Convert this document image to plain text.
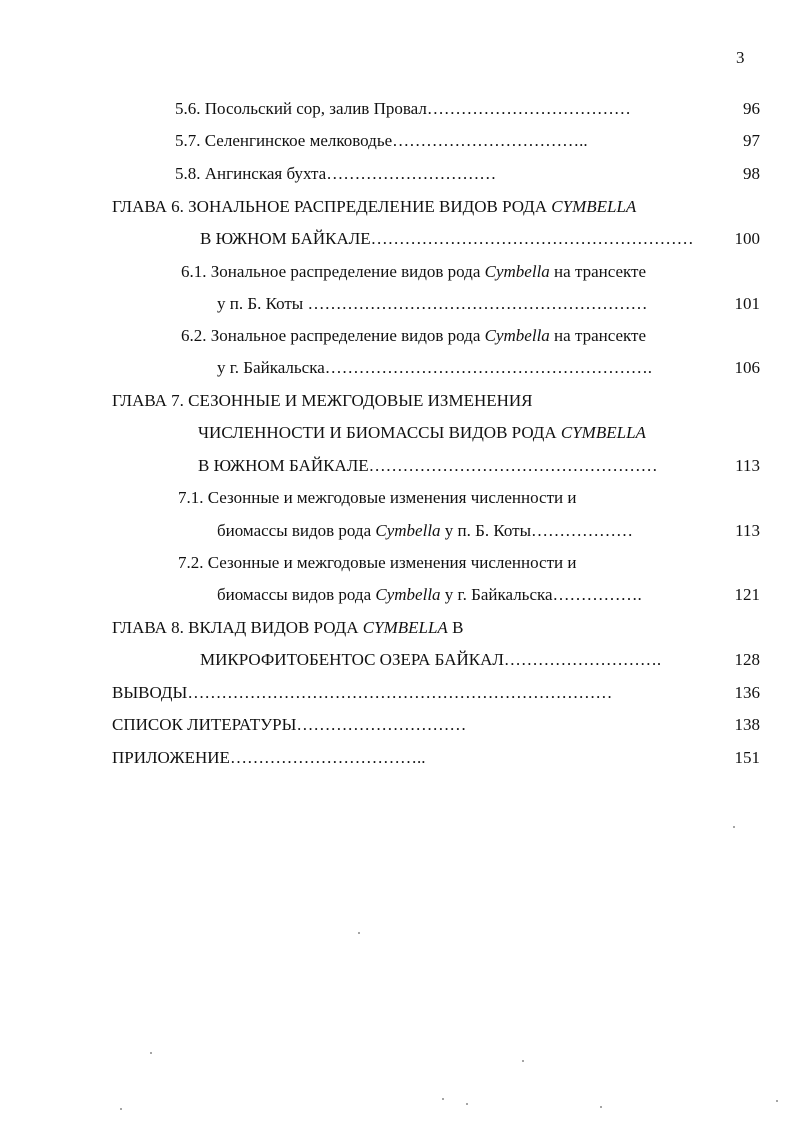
3
5.6. Посольский сор, залив Провал………………………………	96
5.7. Селенгинское мелководье……………………………..	97
5.8. Ангинская бухта…………………………	98
ГЛАВА 6. ЗОНАЛЬНОЕ РАСПРЕДЕЛЕНИЕ ВИДОВ РОДА CYMBELLA
В ЮЖНОМ БАЙКАЛЕ…………………………………………………	100
6.1. Зональное распределение видов рода Cymbella на трансекте
у п. Б. Коты ……………………………………………………	101
6.2. Зональное распределение видов рода Cymbella на трансекте
у г. Байкальска………………………………………………….	106
ГЛАВА 7. СЕЗОННЫЕ И МЕЖГОДОВЫЕ ИЗМЕНЕНИЯ
ЧИСЛЕННОСТИ И БИОМАССЫ ВИДОВ РОДА CYMBELLA
В ЮЖНОМ БАЙКАЛЕ……………………………………………	113
7.1. Сезонные и межгодовые изменения численности и
биомассы видов рода Cymbella у п. Б. Коты………………	113
7.2. Сезонные и межгодовые изменения численности и
биомассы видов рода Cymbella у г. Байкальска…………….	121
ГЛАВА 8. ВКЛАД ВИДОВ РОДА CYMBELLA В
МИКРОФИТОБЕНТОС ОЗЕРА БАЙКАЛ……………………….	128
ВЫВОДЫ…………………………………………………………………	136
СПИСОК ЛИТЕРАТУРЫ…………………………	138
ПРИЛОЖЕНИЕ……………………………..	151
